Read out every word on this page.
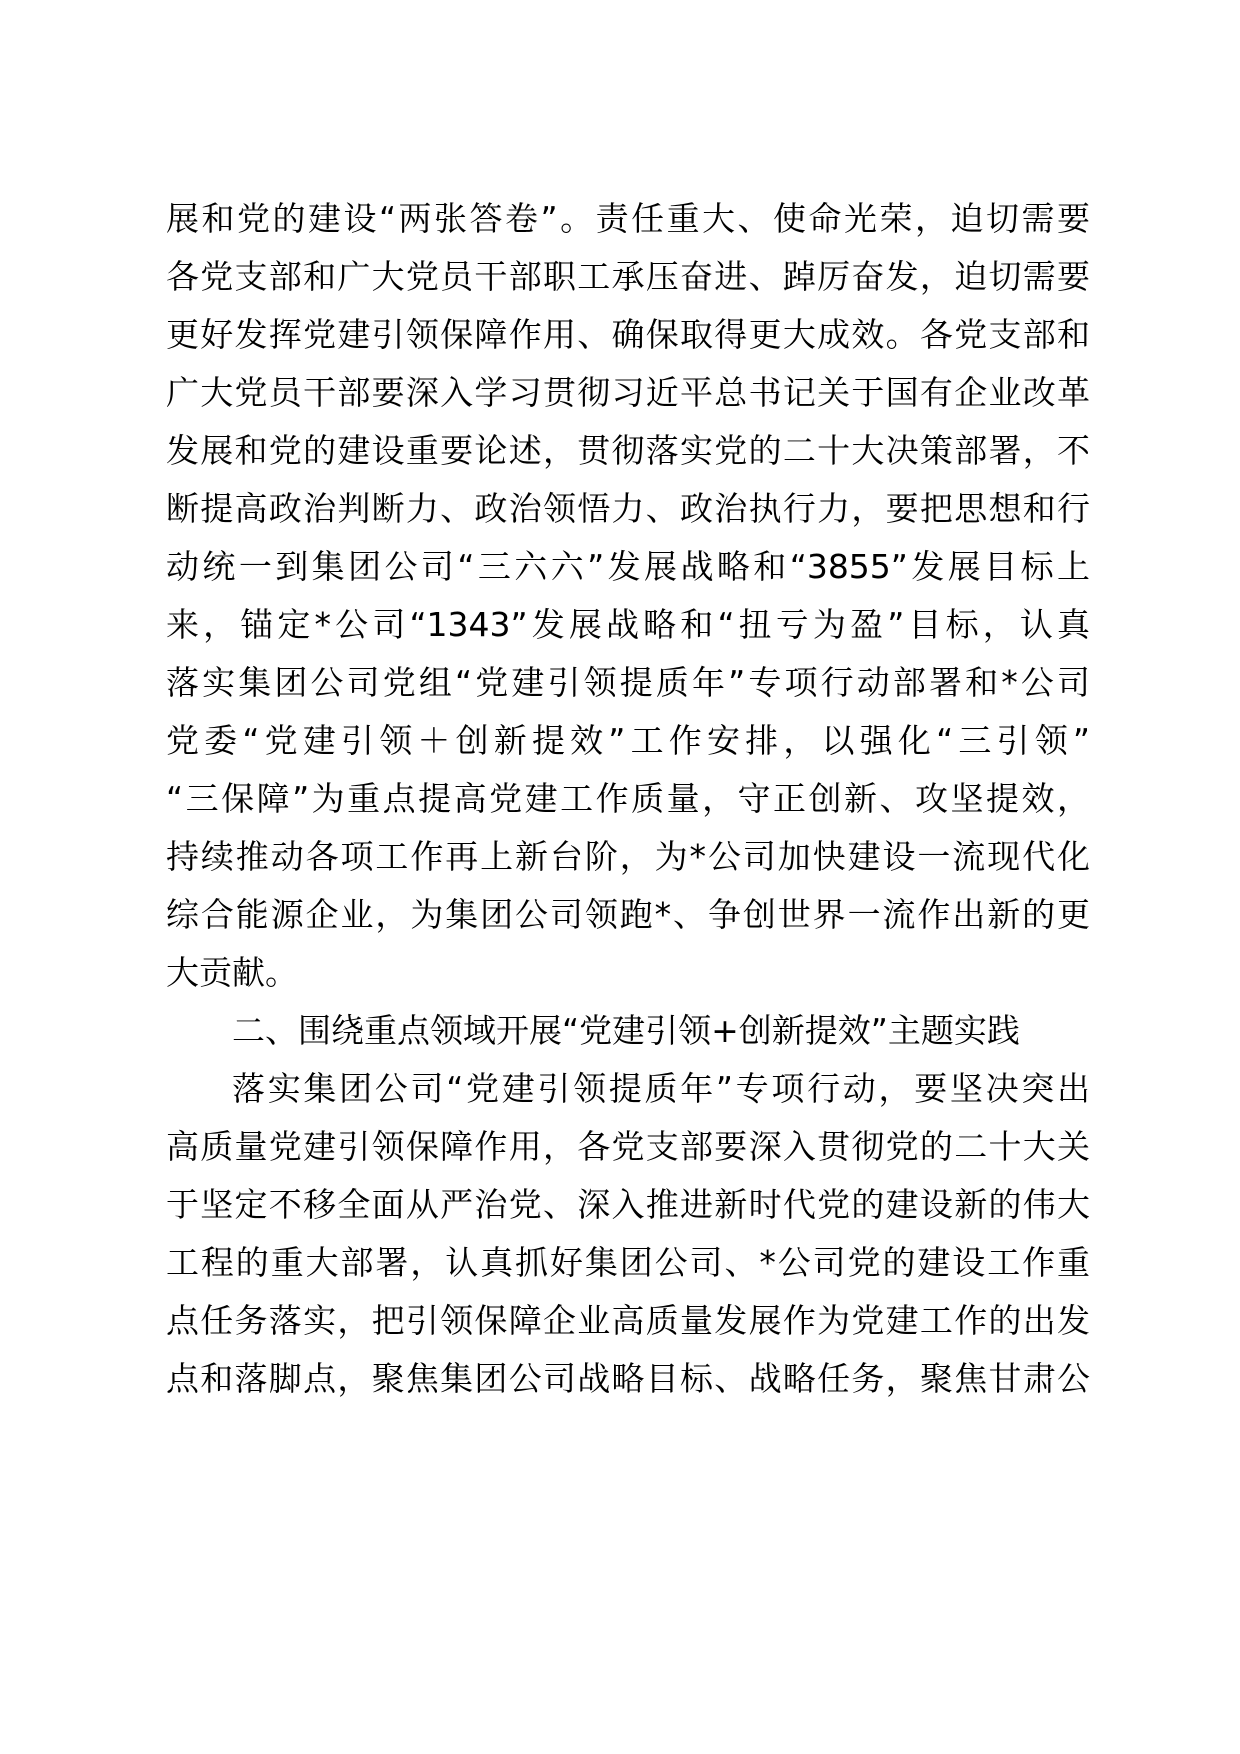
展和党的建设“两张答卷”。责任重大、使命光荣，迫切需要
各党支部和广大党员干部职工承压奋进、踔厉奋发，迫切需要
更好发挥党建引领保障作用、确保取得更大成效。各党支部和
广大党员干部要深入学习贯彻习近平总书记关于国有企业改革
发展和党的建设重要论述，贯彻落实党的二十大决策部署，不
断提高政治判断力、政治领悟力、政治执行力，要把思想和行
动统一到集团公司“三六六”发展战略和“3855”发展目标上
来，锚定*公司“1343”发展战略和“扭亏为盈”目标，认真
落实集团公司党组“党建引领提质年”专项行动部署和*公司
党委“党建引领＋创新提效”工作安排，以强化“三引领”
“三保障”为重点提高党建工作质量，守正创新、攻坚提效，
持续推动各项工作再上新台阶，为*公司加快建设一流现代化
综合能源企业，为集团公司领跑*、争创世界一流作出新的更
大贡献。
二、围绕重点领域开展“党建引领+创新提效”主题实践
落实集团公司“党建引领提质年”专项行动，要坚决突出
高质量党建引领保障作用，各党支部要深入贯彻党的二十大关
于坚定不移全面从严治党、深入推进新时代党的建设新的伟大
工程的重大部署，认真抓好集团公司、*公司党的建设工作重
点任务落实，把引领保障企业高质量发展作为党建工作的出发
点和落脚点，聚焦集团公司战略目标、战略任务，聚焦甘肃公
